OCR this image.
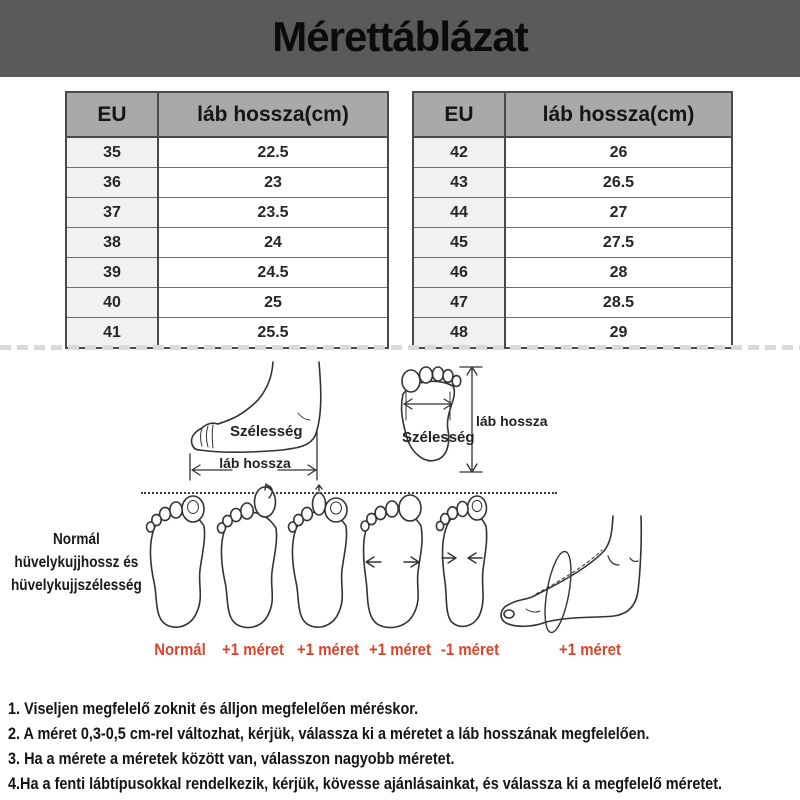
Mérettáblázat
EU	láb hossza(cm)
35	22.5
36	23
37	23.5
38	24
39	24.5
40	25
41	25.5
EU	láb hossza(cm)
42	26
43	26.5
44	27
45	27.5
46	28
47	28.5
48	29
Szélesség
láb hossza
Szélesség
láb hossza
Normál hüvelykujjhossz és hüvelykujjszélesség
Normál +1 méret +1 méret +1 méret -1 méret	+1 méret
1. Viseljen megfelelő zoknit és álljon megfelelően méréskor.
2. A méret 0,3-0,5 cm-rel változhat, kérjük, válassza ki a méretet a láb hosszának megfelelően.
3. Ha a mérete a méretek között van, válasszon nagyobb méretet.
4.Ha a fenti lábtípusokkal rendelkezik, kérjük, kövesse ajánlásainkat, és válassza ki a megfelelő méretet.
